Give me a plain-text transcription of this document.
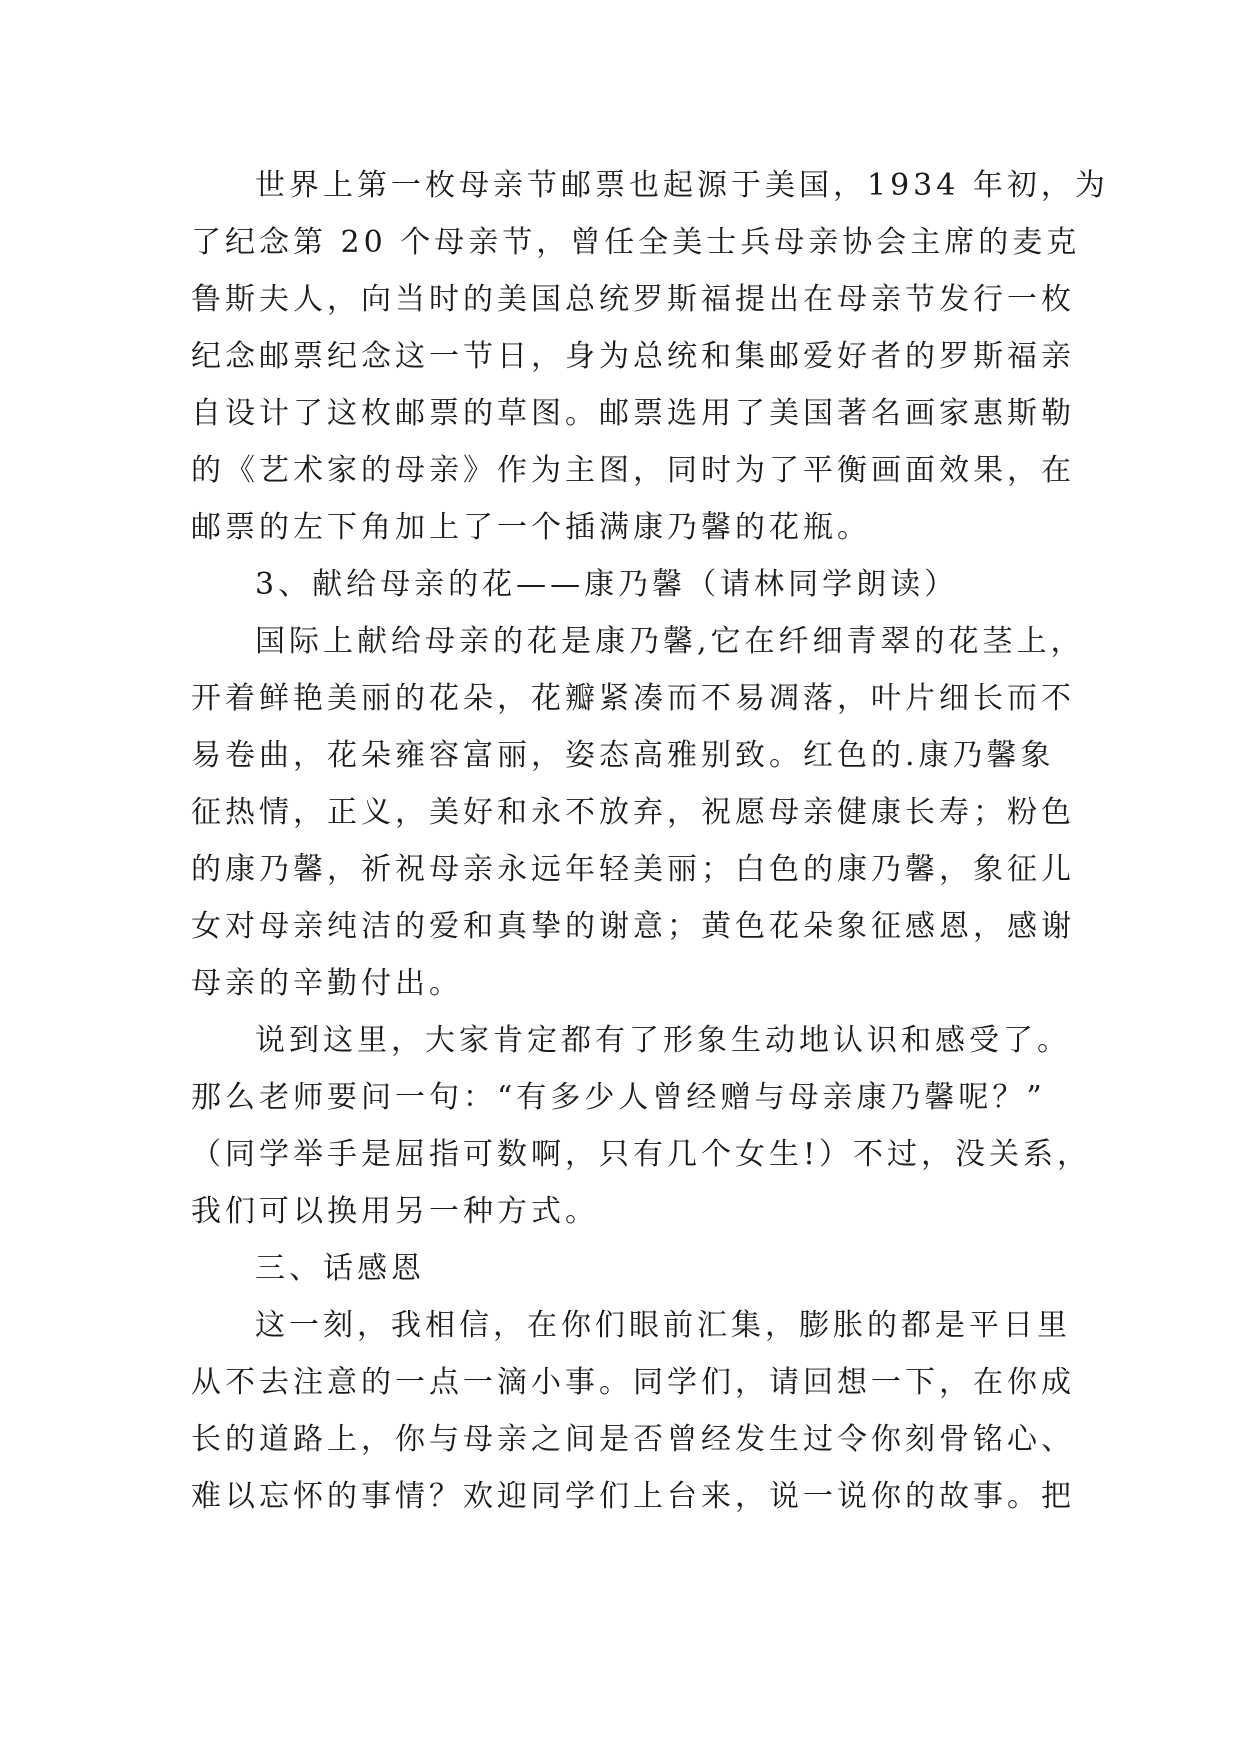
世界上第一枚母亲节邮票也起源于美国，1934 年初，为
了纪念第 20 个母亲节，曾任全美士兵母亲协会主席的麦克
鲁斯夫人，向当时的美国总统罗斯福提出在母亲节发行一枚
纪念邮票纪念这一节日，身为总统和集邮爱好者的罗斯福亲
自设计了这枚邮票的草图。邮票选用了美国著名画家惠斯勒
的《艺术家的母亲》作为主图，同时为了平衡画面效果，在
邮票的左下角加上了一个插满康乃馨的花瓶。
3、献给母亲的花——康乃馨（请林同学朗读）
国际上献给母亲的花是康乃馨,它在纤细青翠的花茎上，
开着鲜艳美丽的花朵，花瓣紧凑而不易凋落，叶片细长而不
易卷曲，花朵雍容富丽，姿态高雅别致。红色的.康乃馨象
征热情，正义，美好和永不放弃，祝愿母亲健康长寿；粉色
的康乃馨，祈祝母亲永远年轻美丽；白色的康乃馨，象征儿
女对母亲纯洁的爱和真挚的谢意；黄色花朵象征感恩，感谢
母亲的辛勤付出。
说到这里，大家肯定都有了形象生动地认识和感受了。
那么老师要问一句：“有多少人曾经赠与母亲康乃馨呢？”
（同学举手是屈指可数啊，只有几个女生!）不过，没关系，
我们可以换用另一种方式。
三、话感恩
这一刻，我相信，在你们眼前汇集，膨胀的都是平日里
从不去注意的一点一滴小事。同学们，请回想一下，在你成
长的道路上，你与母亲之间是否曾经发生过令你刻骨铭心、
难以忘怀的事情？欢迎同学们上台来，说一说你的故事。把
